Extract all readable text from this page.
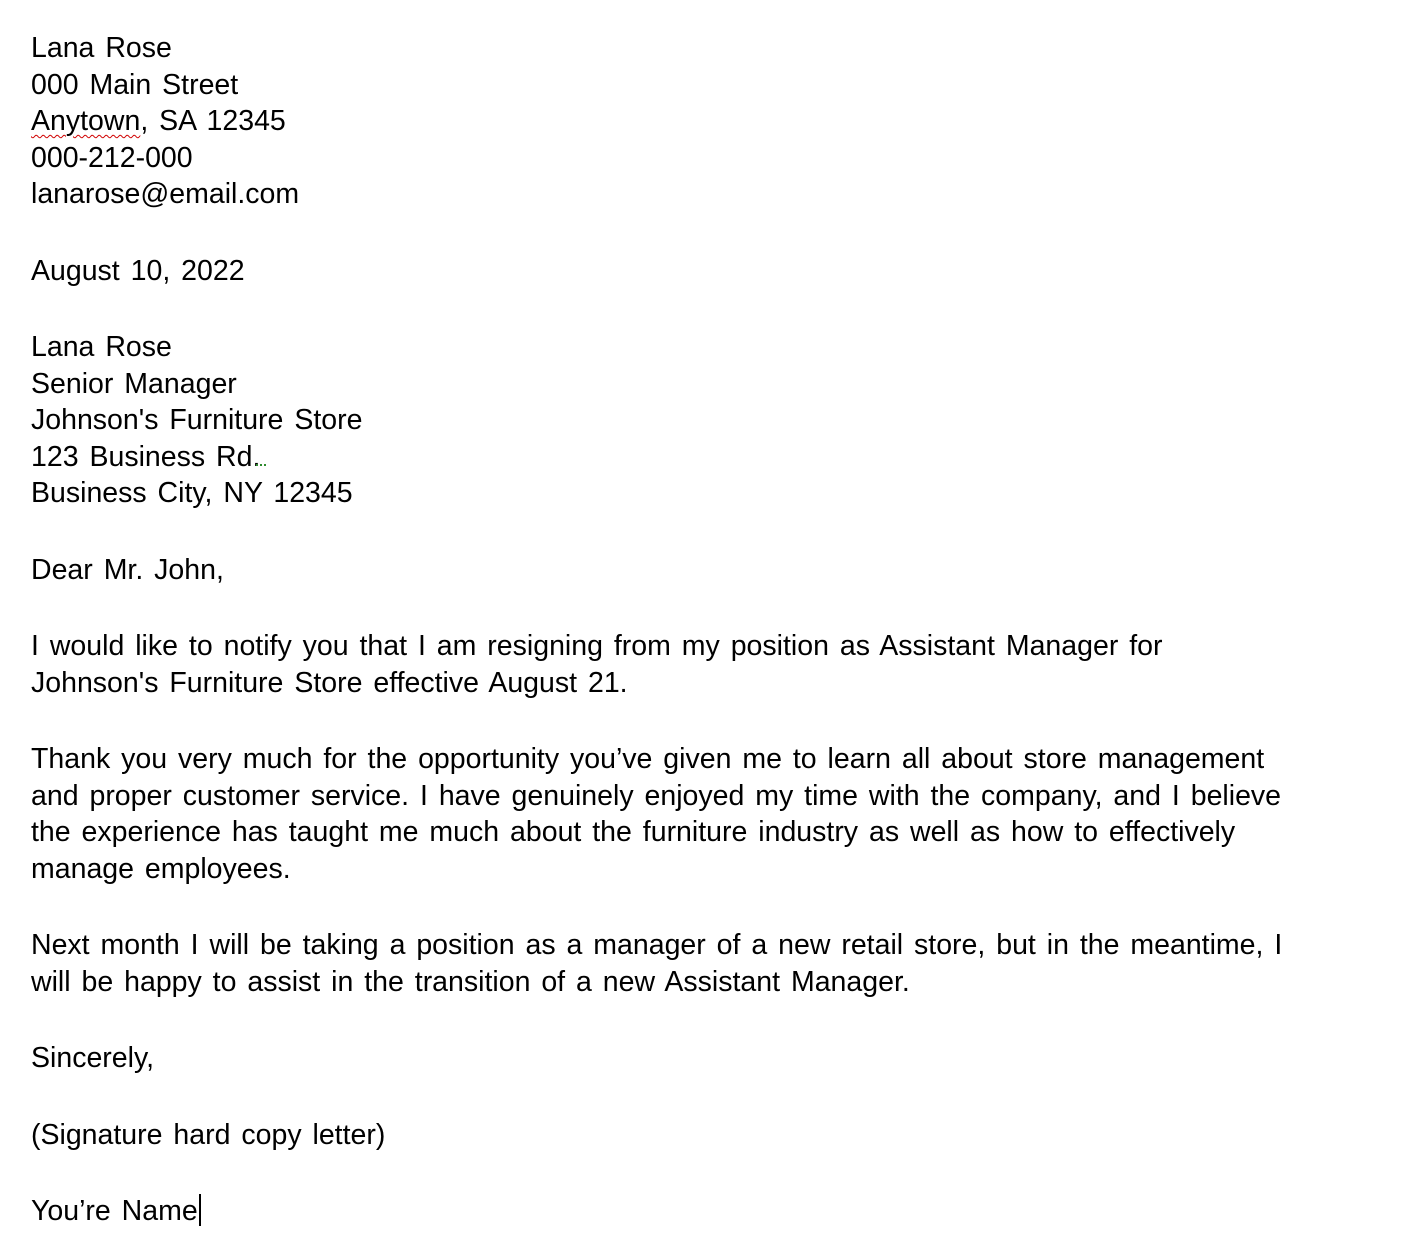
Lana Rose
000 Main Street
Anytown, SA 12345
000-212-000
lanarose@email.com
August 10, 2022
Lana Rose
Senior Manager
Johnson's Furniture Store
123 Business Rd.
Business City, NY 12345
Dear Mr. John,
I would like to notify you that I am resigning from my position as Assistant Manager for
Johnson's Furniture Store effective August 21.
Thank you very much for the opportunity you’ve given me to learn all about store management
and proper customer service. I have genuinely enjoyed my time with the company, and I believe
the experience has taught me much about the furniture industry as well as how to effectively
manage employees.
Next month I will be taking a position as a manager of a new retail store, but in the meantime, I
will be happy to assist in the transition of a new Assistant Manager.
Sincerely,
(Signature hard copy letter)
You’re Name
